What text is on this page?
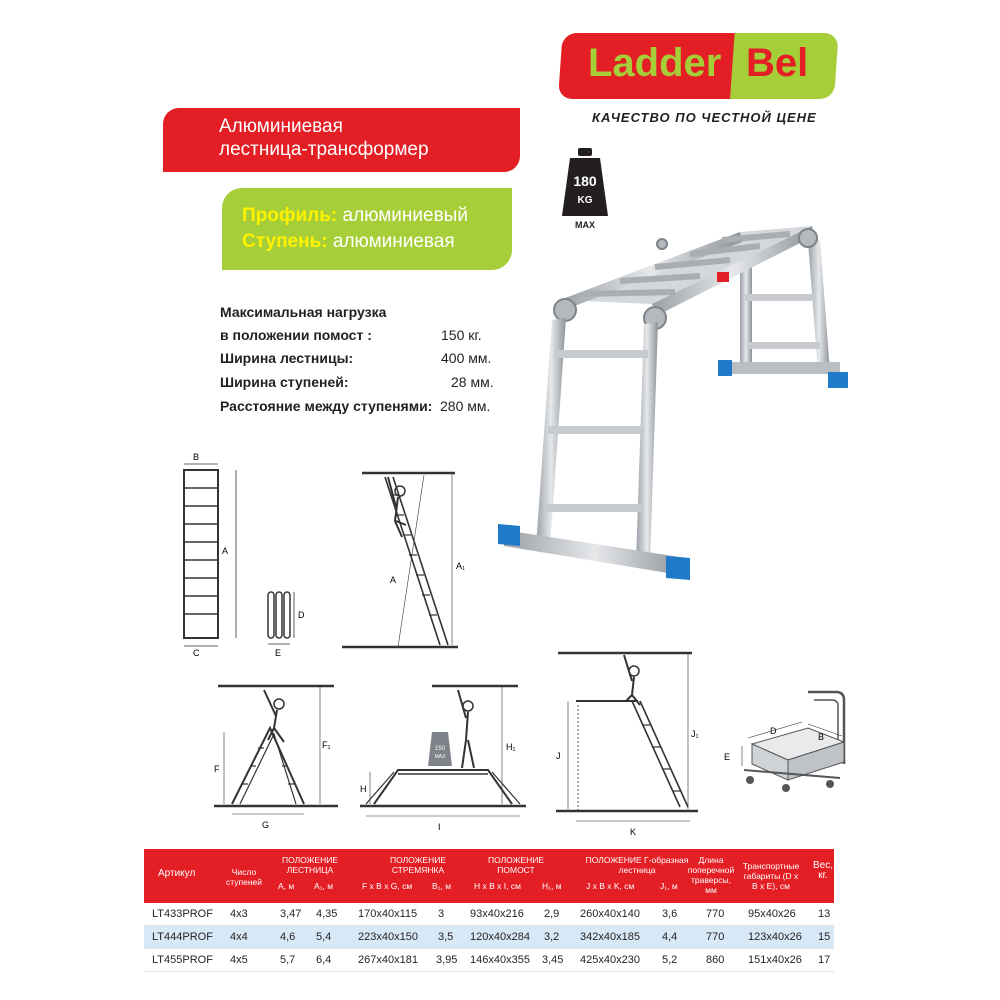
Ladder Bel
КАЧЕСТВО ПО ЧЕСТНОЙ ЦЕНЕ
Алюминиевая
лестница-трансформер
Профиль: алюминиевый
Ступень: алюминиевая
180
KG
MAX
Максимальная нагрузка
в положении помост :	150 кг.
Ширина лестницы:	400 мм.
Ширина ступеней:	28 мм.
Расстояние между ступенями: 280 мм.
B
A
C
D
E
A
A₁
F
F₁
G
150
MAX
H
H₁
I
J
J₁
K
D
B
E
Артикул	Число ступеней
ПОЛОЖЕНИЕ ЛЕСТНИЦА
A, м A₁, м
ПОЛОЖЕНИЕ СТРЕМЯНКА
F x B x G, см B₁, м
ПОЛОЖЕНИЕ ПОМОСТ
H x B x I, см H₁, м
ПОЛОЖЕНИЕ Г-образная лестница
J x B x K, см	J₁, м
Длина поперечной траверсы, мм
Транспортные габариты (D x B x E), см
Вес, кг.
LT433PROF 4x3	3,47 4,35 170x40x115 3 93x40x216 2,9 260x40x140 3,6	770 95x40x26 13
LT444PROF 4x4	4,6 5,4 223x40x150 3,5 120x40x284 3,2 342x40x185 4,4	770 123x40x26 15
LT455PROF 4x5	5,7 6,4 267x40x181 3,95 146x40x355 3,45 425x40x230 5,2	860 151x40x26 17
